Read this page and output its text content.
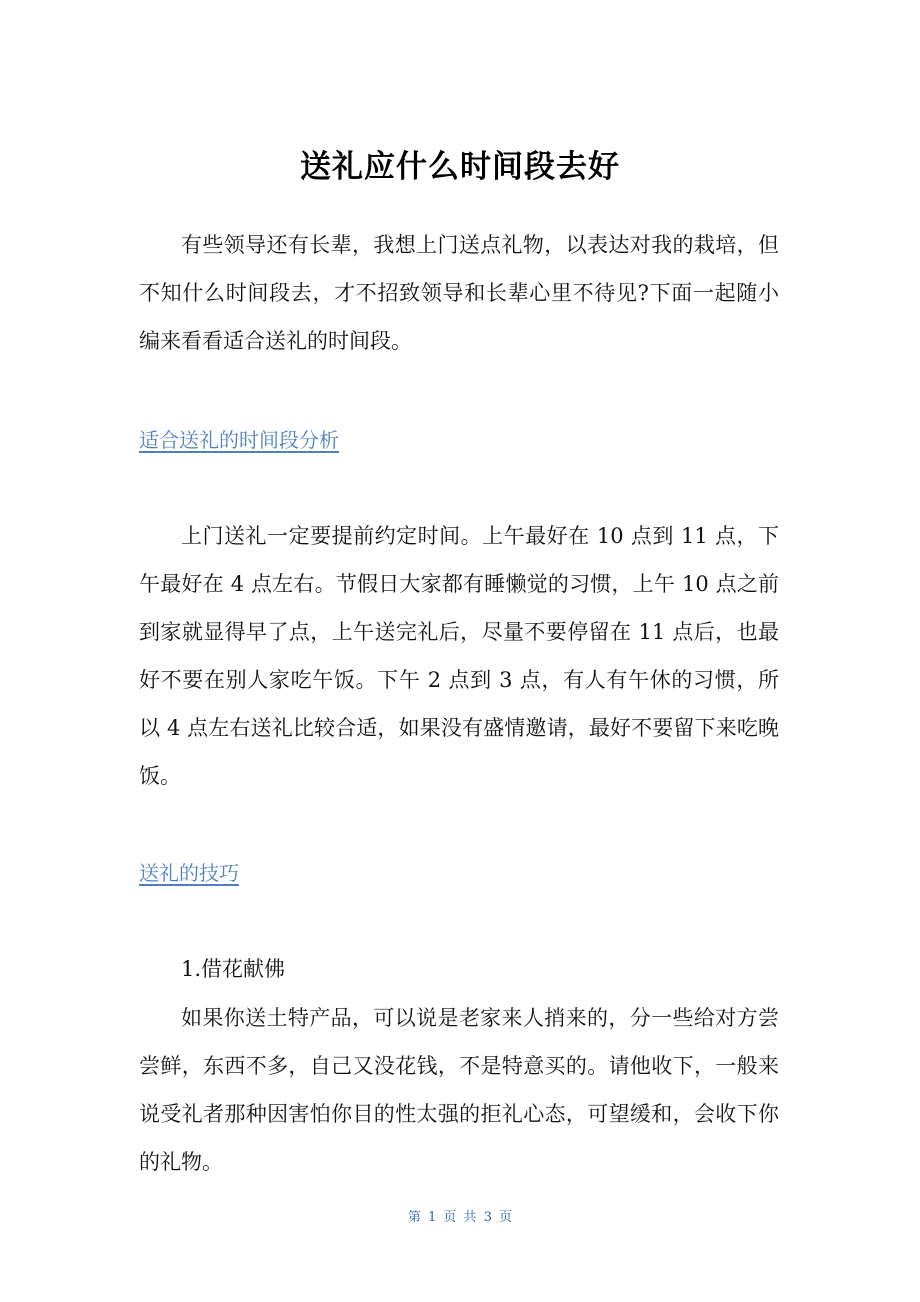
送礼应什么时间段去好

有些领导还有长辈，我想上门送点礼物，以表达对我的栽培，但不知什么时间段去，才不招致领导和长辈心里不待见?下面一起随小编来看看适合送礼的时间段。

适合送礼的时间段分析

上门送礼一定要提前约定时间。上午最好在 10 点到 11 点，下午最好在 4 点左右。节假日大家都有睡懒觉的习惯，上午 10 点之前到家就显得早了点，上午送完礼后，尽量不要停留在 11 点后，也最好不要在别人家吃午饭。下午 2 点到 3 点，有人有午休的习惯，所以 4 点左右送礼比较合适，如果没有盛情邀请，最好不要留下来吃晚饭。

送礼的技巧

1.借花献佛

如果你送土特产品，可以说是老家来人捎来的，分一些给对方尝尝鲜，东西不多，自己又没花钱，不是特意买的。请他收下，一般来说受礼者那种因害怕你目的性太强的拒礼心态，可望缓和，会收下你的礼物。

第 1 页 共 3 页
